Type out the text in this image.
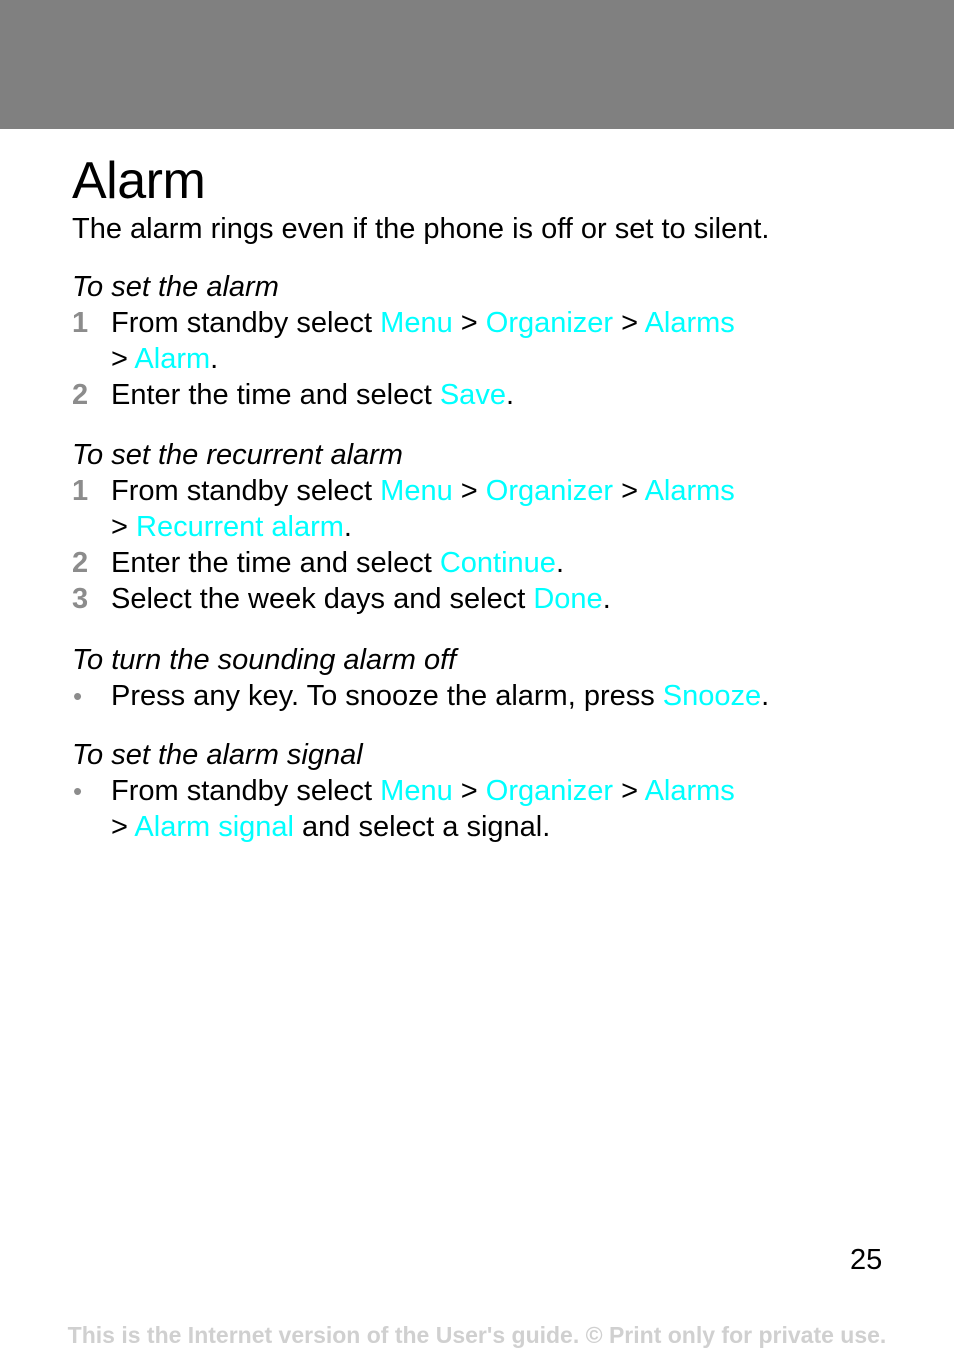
Alarm

The alarm rings even if the phone is off or set to silent.

To set the alarm
1 From standby select Menu > Organizer > Alarms
> Alarm.
2 Enter the time and select Save.
To set the recurrent alarm
1 From standby select Menu > Organizer > Alarms
> Recurrent alarm.
2 Enter the time and select Continue.
3 Select the week days and select Done.
To turn the sounding alarm off
• Press any key. To snooze the alarm, press Snooze.
To set the alarm signal
• From standby select Menu > Organizer > Alarms
> Alarm signal and select a signal.
25
This is the Internet version of the User's guide. © Print only for private use.
